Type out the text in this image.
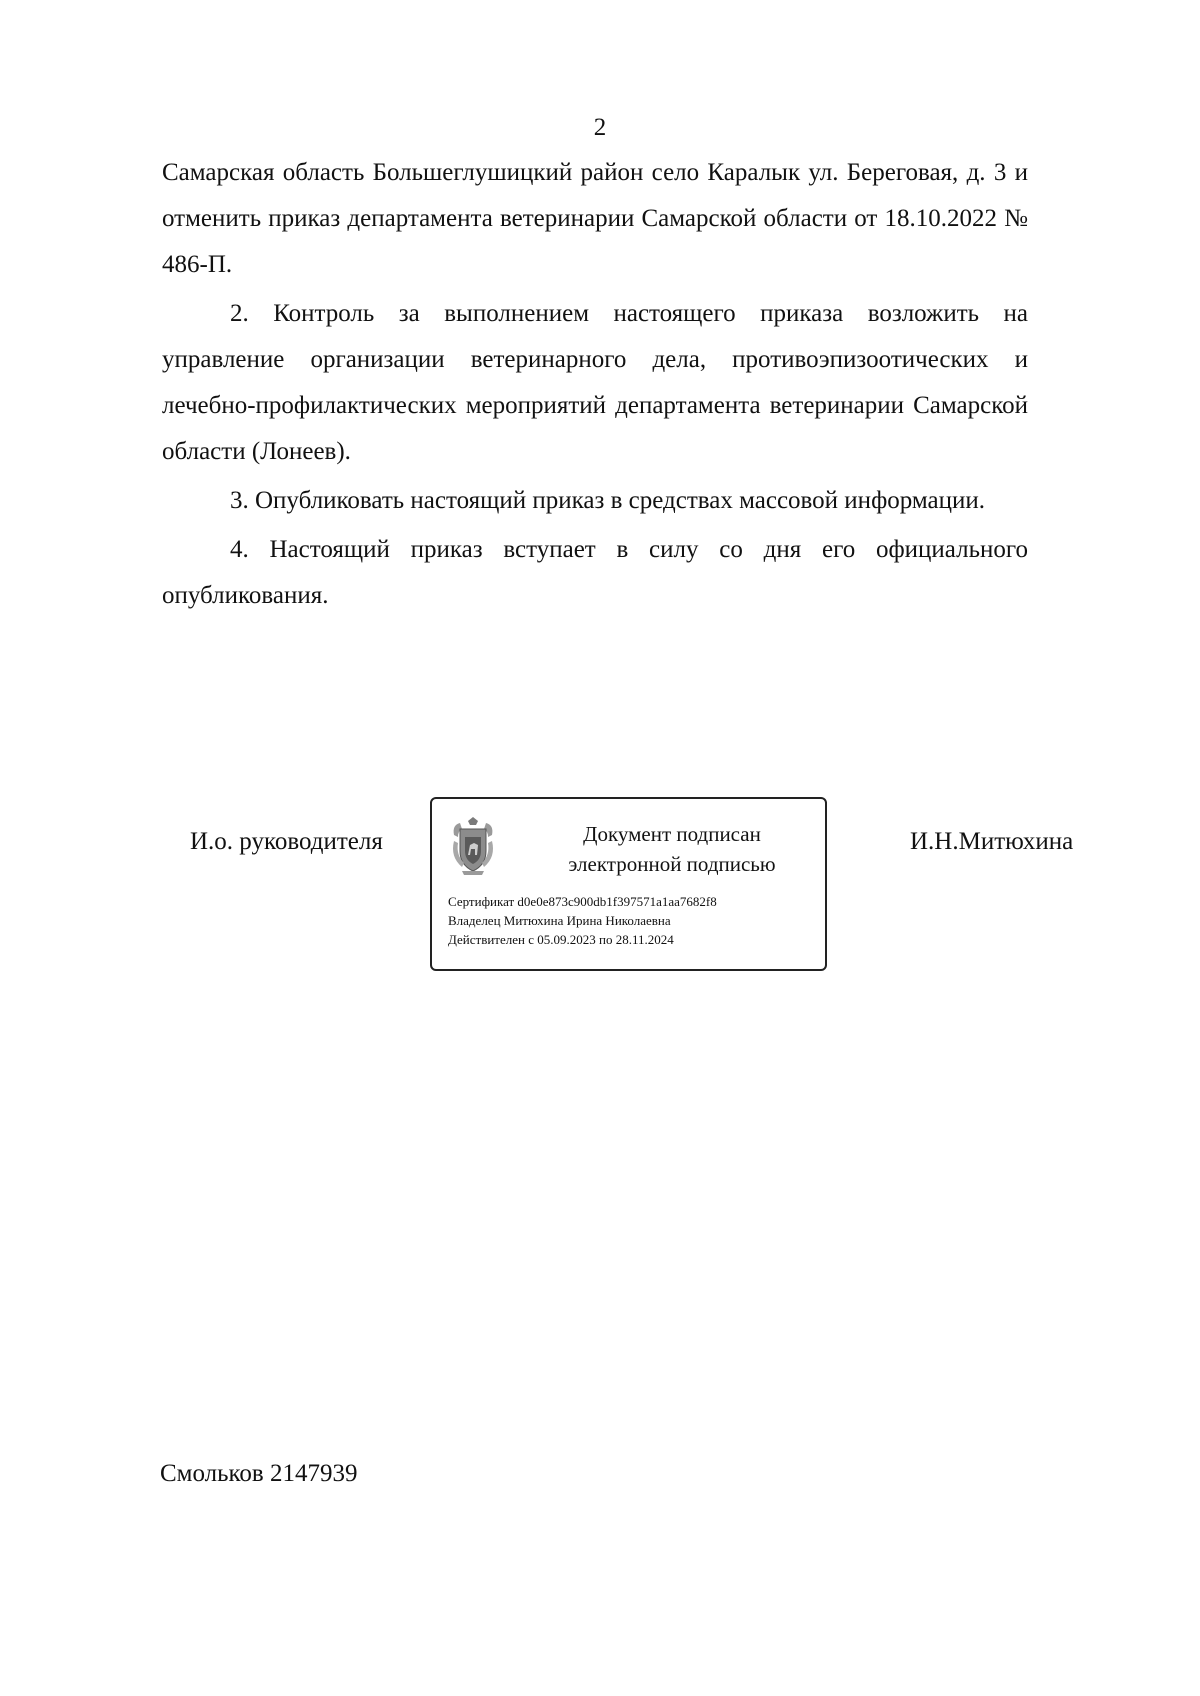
2

Самарская область Большеглушицкий район село Каралык ул. Береговая, д. 3 и отменить приказ департамента ветеринарии Самарской области от 18.10.2022 № 486-П.

2. Контроль за выполнением настоящего приказа возложить на управление организации ветеринарного дела, противоэпизоотических и лечебно-профилактических мероприятий департамента ветеринарии Самарской области (Лонеев).

3. Опубликовать настоящий приказ в средствах массовой информации.

4. Настоящий приказ вступает в силу со дня его официального опубликования.

И.о. руководителя	Документ подписан
электронной подписью
Сертификат d0e0e873c900db1f397571a1aa7682f8
Владелец Митюхина Ирина Николаевна
Действителен с 05.09.2023 по 28.11.2024
И.Н.Митюхина
Смольков 2147939
